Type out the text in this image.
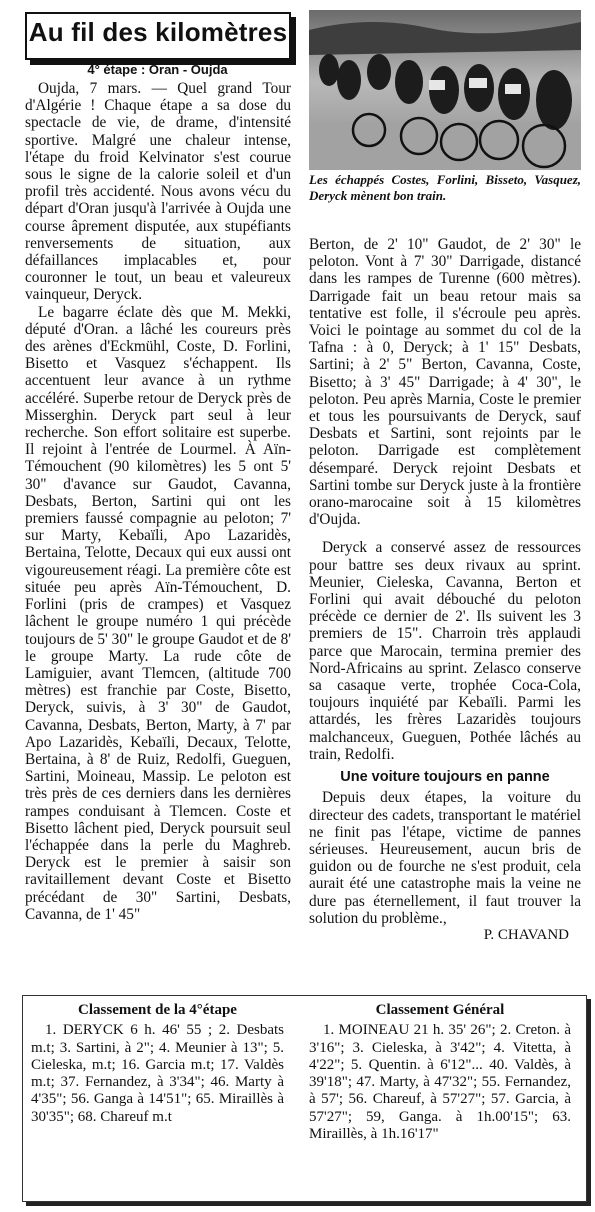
Au fil des kilomètres
4° étape : Oran - Oujda
Les échappés Costes, Forlini, Bisseto, Vasquez, Deryck mènent bon train.

Oujda, 7 mars. — Quel grand Tour d'Algérie ! Chaque étape a sa dose du spectacle de vie, de drame, d'intensité sportive. Malgré une chaleur intense, l'étape du froid Kelvinator s'est courue sous le signe de la calorie soleil et d'un profil très accidenté. Nous avons vécu du départ d'Oran jusqu'à l'arrivée à Oujda une course âprement disputée, aux stupéfiants renversements de situation, aux défaillances implacables et, pour couronner le tout, un beau et valeureux vainqueur, Deryck.

Le bagarre éclate dès que M. Mekki, député d'Oran. a lâché les coureurs près des arènes d'Eckmühl, Coste, D. Forlini, Bisetto et Vasquez s'échappent. Ils accentuent leur avance à un rythme accéléré. Superbe retour de Deryck près de Misserghin. Deryck part seul à leur recherche. Son effort solitaire est superbe. Il rejoint à l'entrée de Lourmel. À Aïn-Témouchent (90 kilomètres) les 5 ont 5' 30" d'avance sur Gaudot, Cavanna, Desbats, Berton, Sartini qui ont les premiers faussé compagnie au peloton; 7' sur Marty, Kebaïli, Apo Lazaridès, Bertaina, Telotte, Decaux qui eux aussi ont vigoureusement réagi. La première côte est située peu après Aïn-Témouchent, D. Forlini (pris de crampes) et Vasquez lâchent le groupe numéro 1 qui précède toujours de 5' 30" le groupe Gaudot et de 8' le groupe Marty. La rude côte de Lamiguier, avant Tlemcen, (altitude 700 mètres) est franchie par Coste, Bisetto, Deryck, suivis, à 3' 30" de Gaudot, Cavanna, Desbats, Berton, Marty, à 7' par Apo Lazaridès, Kebaïli, Decaux, Telotte, Bertaina, à 8' de Ruiz, Redolfi, Gueguen, Sartini, Moineau, Massip. Le peloton est très près de ces derniers dans les dernières rampes conduisant à Tlemcen. Coste et Bisetto lâchent pied, Deryck poursuit seul l'échappée dans la perle du Maghreb. Deryck est le premier à saisir son ravitaillement devant Coste et Bisetto précédant de 30" Sartini, Desbats, Cavanna, de 1' 45"

Berton, de 2' 10" Gaudot, de 2' 30" le peloton. Vont à 7' 30" Darrigade, distancé dans les rampes de Turenne (600 mètres). Darrigade fait un beau retour mais sa tentative est folle, il s'écroule peu après. Voici le pointage au sommet du col de la Tafna : à 0, Deryck; à 1' 15" Desbats, Sartini; à 2' 5" Berton, Cavanna, Coste, Bisetto; à 3' 45" Darrigade; à 4' 30", le peloton. Peu après Marnia, Coste le premier et tous les poursuivants de Deryck, sauf Desbats et Sartini, sont rejoints par le peloton. Darrigade est complètement désemparé. Deryck rejoint Desbats et Sartini tombe sur Deryck juste à la frontière orano-marocaine soit à 15 kilomètres d'Oujda.

Deryck a conservé assez de ressources pour battre ses deux rivaux au sprint. Meunier, Cieleska, Cavanna, Berton et Forlini qui avait débouché du peloton précède ce dernier de 2'. Ils suivent les 3 premiers de 15". Charroin très applaudi parce que Marocain, termina premier des Nord-Africains au sprint. Zelasco conserve sa casaque verte, trophée Coca-Cola, toujours inquiété par Kebaïli. Parmi les attardés, les frères Lazaridès toujours malchanceux, Gueguen, Pothée lâchés au train, Redolfi.

Une voiture toujours en panne

Depuis deux étapes, la voiture du directeur des cadets, transportant le matériel ne finit pas l'étape, victime de pannes sérieuses. Heureusement, aucun bris de guidon ou de fourche ne s'est produit, cela aurait été une catastrophe mais la veine ne dure pas éternellement, il faut trouver la solution du problème.,

P. CHAVAND

Classement de la 4°étape
1. DERYCK 6 h. 46' 55 ; 2. Desbats m.t; 3. Sartini, à 2"; 4. Meunier à 13"; 5. Cieleska, m.t; 16. Garcia m.t; 17. Valdès m.t; 37. Fernandez, à 3'34"; 46. Marty à 4'35"; 56. Ganga à 14'51"; 65. Miraillès à 30'35"; 68. Chareuf m.t
Classement Général
1. MOINEAU 21 h. 35' 26"; 2. Creton. à 3'16"; 3. Cieleska, à 3'42"; 4. Vitetta, à 4'22"; 5. Quentin. à 6'12"... 40. Valdès, à 39'18"; 47. Marty, à 47'32"; 55. Fernandez, à 57'; 56. Chareuf, à 57'27"; 57. Garcia, à 57'27"; 59, Ganga. à 1h.00'15"; 63. Miraillès, à 1h.16'17"
